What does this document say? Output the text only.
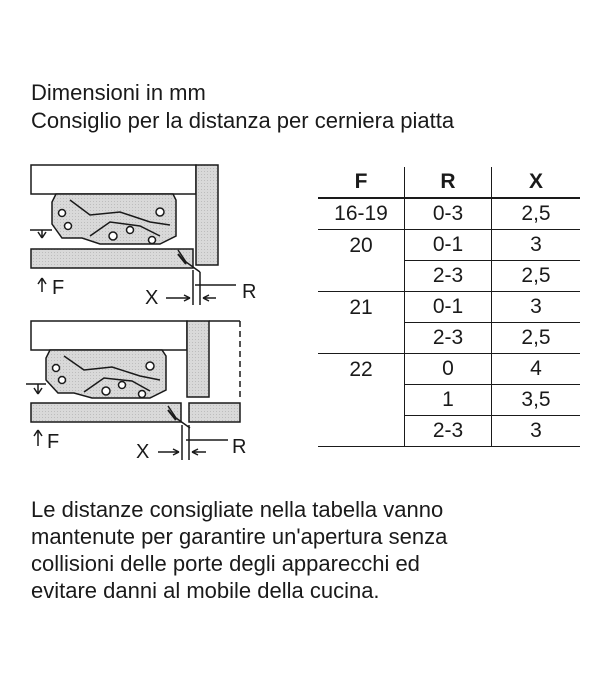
Dimensioni in mm
Consiglio per la distanza per cerniera piatta
F	X	R
F	X	R
F	R	X
16-19	0-3	2,5

20	0-1	3
	2-3	2,5

21	0-1	3
	2-3	2,5

22	0	4
	1	3,5
	2-3	3
Le distanze consigliate nella tabella vanno
mantenute per garantire un'apertura senza
collisioni delle porte degli apparecchi ed
evitare danni al mobile della cucina.
